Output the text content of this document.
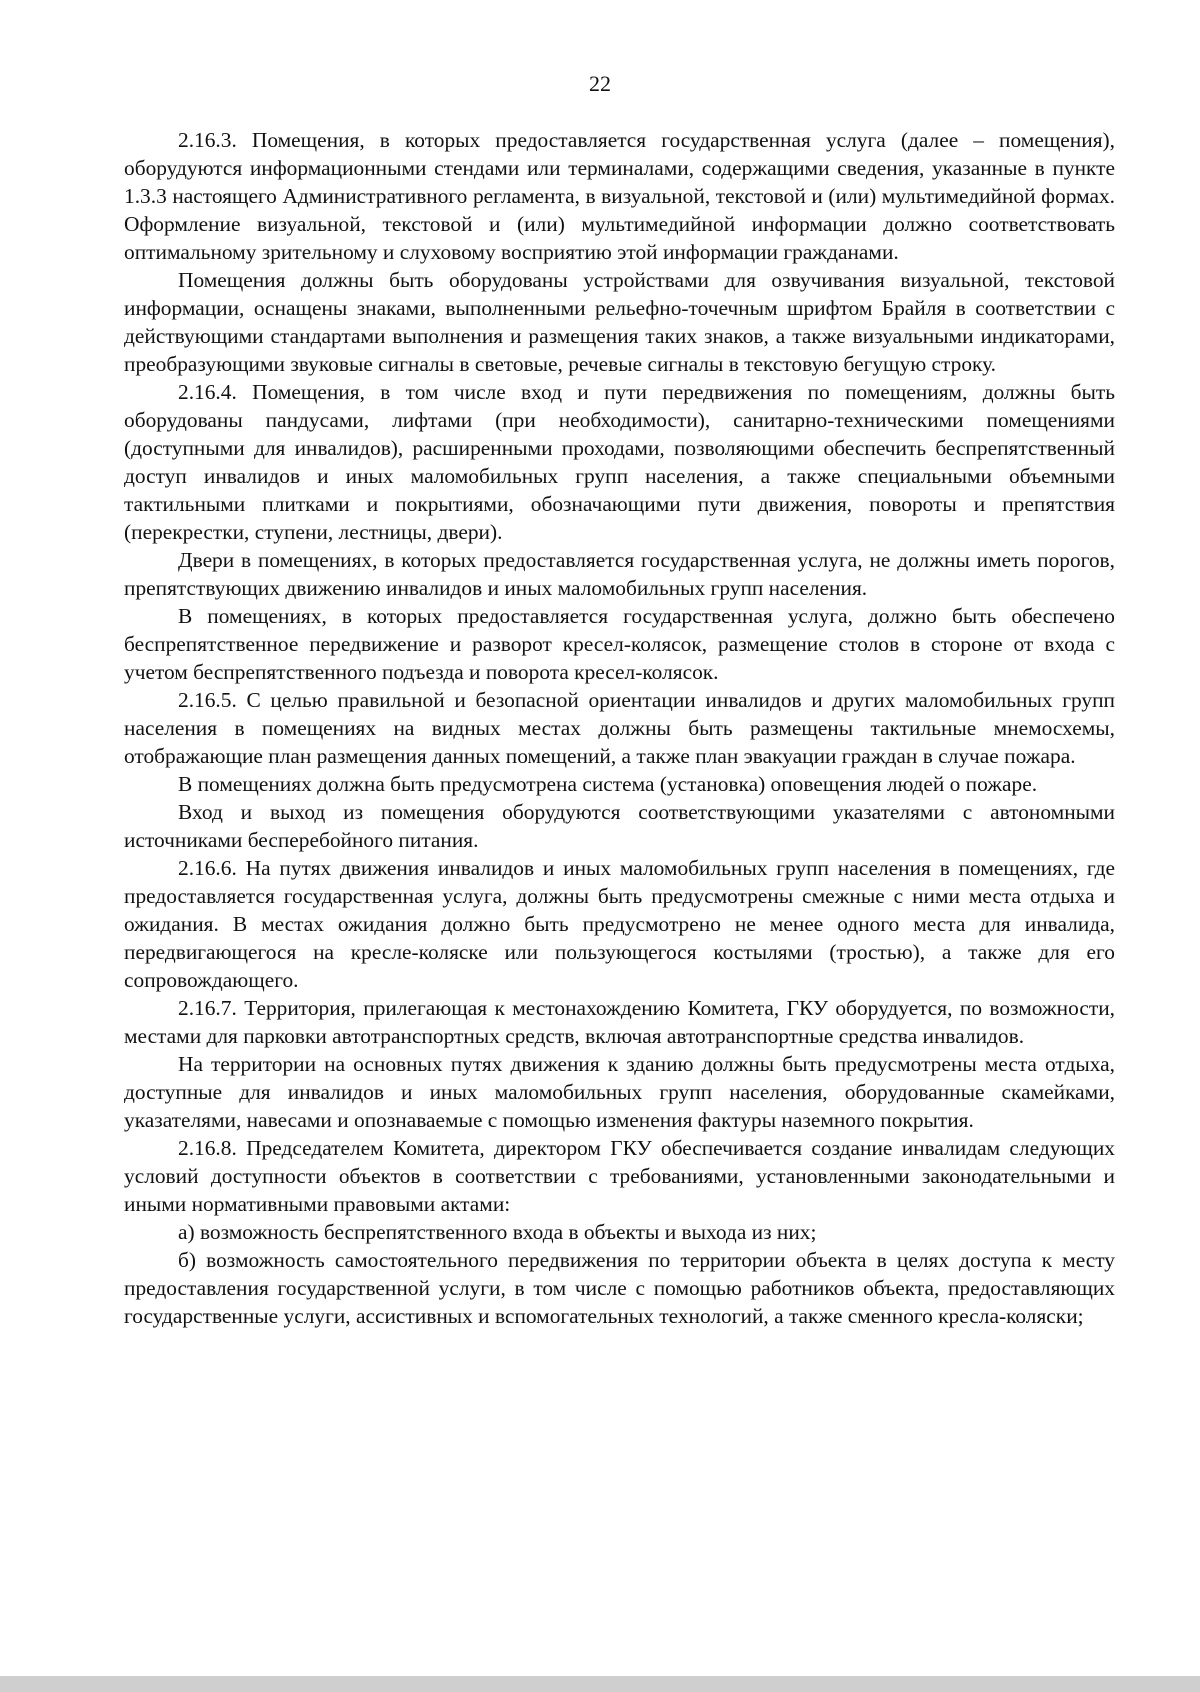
22

2.16.3. Помещения, в которых предоставляется государственная услуга (далее – помещения), оборудуются информационными стендами или терминалами, содержащими сведения, указанные в пункте 1.3.3 настоящего Административного регламента, в визуальной, текстовой и (или) мультимедийной формах. Оформление визуальной, текстовой и (или) мультимедийной информации должно соответствовать оптимальному зрительному и слуховому восприятию этой информации гражданами.

Помещения должны быть оборудованы устройствами для озвучивания визуальной, текстовой информации, оснащены знаками, выполненными рельефно-точечным шрифтом Брайля в соответствии с действующими стандартами выполнения и размещения таких знаков, а также визуальными индикаторами, преобразующими звуковые сигналы в световые, речевые сигналы в текстовую бегущую строку.

2.16.4. Помещения, в том числе вход и пути передвижения по помещениям, должны быть оборудованы пандусами, лифтами (при необходимости), санитарно-техническими помещениями (доступными для инвалидов), расширенными проходами, позволяющими обеспечить беспрепятственный доступ инвалидов и иных маломобильных групп населения, а также специальными объемными тактильными плитками и покрытиями, обозначающими пути движения, повороты и препятствия (перекрестки, ступени, лестницы, двери).

Двери в помещениях, в которых предоставляется государственная услуга, не должны иметь порогов, препятствующих движению инвалидов и иных маломобильных групп населения.

В помещениях, в которых предоставляется государственная услуга, должно быть обеспечено беспрепятственное передвижение и разворот кресел-колясок, размещение столов в стороне от входа с учетом беспрепятственного подъезда и поворота кресел-колясок.

2.16.5. С целью правильной и безопасной ориентации инвалидов и других маломобильных групп населения в помещениях на видных местах должны быть размещены тактильные мнемосхемы, отображающие план размещения данных помещений, а также план эвакуации граждан в случае пожара.

В помещениях должна быть предусмотрена система (установка) оповещения людей о пожаре.

Вход и выход из помещения оборудуются соответствующими указателями с автономными источниками бесперебойного питания.

2.16.6. На путях движения инвалидов и иных маломобильных групп населения в помещениях, где предоставляется государственная услуга, должны быть предусмотрены смежные с ними места отдыха и ожидания. В местах ожидания должно быть предусмотрено не менее одного места для инвалида, передвигающегося на кресле-коляске или пользующегося костылями (тростью), а также для его сопровождающего.

2.16.7. Территория, прилегающая к местонахождению Комитета, ГКУ оборудуется, по возможности, местами для парковки автотранспортных средств, включая автотранспортные средства инвалидов.

На территории на основных путях движения к зданию должны быть предусмотрены места отдыха, доступные для инвалидов и иных маломобильных групп населения, оборудованные скамейками, указателями, навесами и опознаваемые с помощью изменения фактуры наземного покрытия.

2.16.8. Председателем Комитета, директором ГКУ обеспечивается создание инвалидам следующих условий доступности объектов в соответствии с требованиями, установленными законодательными и иными нормативными правовыми актами:

а) возможность беспрепятственного входа в объекты и выхода из них;

б) возможность самостоятельного передвижения по территории объекта в целях доступа к месту предоставления государственной услуги, в том числе с помощью работников объекта, предоставляющих государственные услуги, ассистивных и вспомогательных технологий, а также сменного кресла-коляски;
